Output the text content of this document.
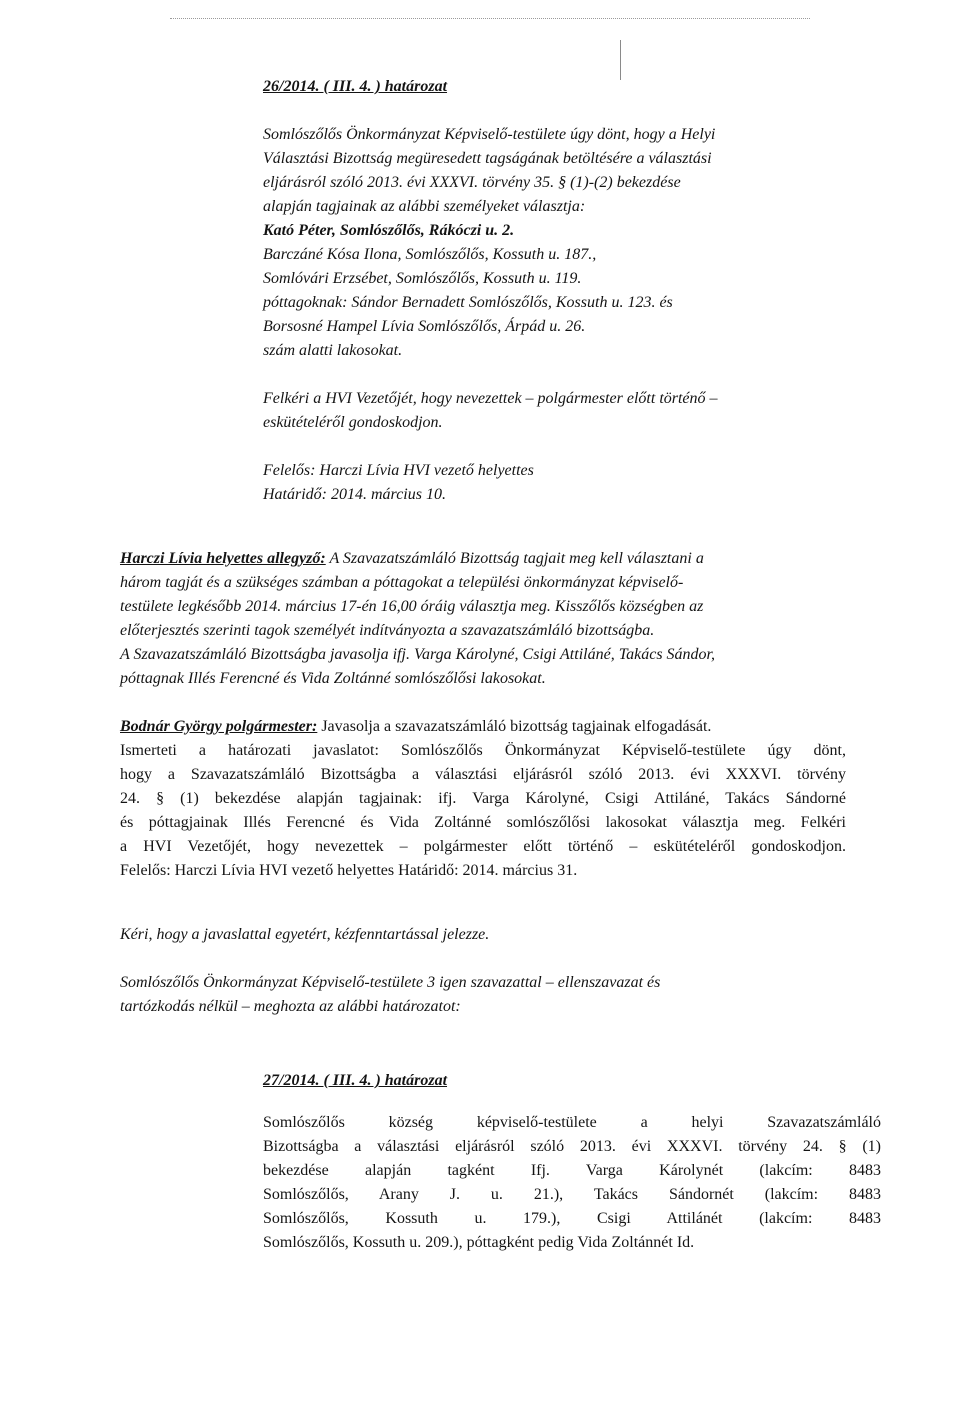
26/2014. ( III. 4. ) határozat
Somlószőlős Önkormányzat Képviselő-testülete úgy dönt, hogy a Helyi
Választási Bizottság megüresedett tagságának betöltésére a választási
eljárásról szóló 2013. évi XXXVI. törvény 35. § (1)-(2) bekezdése
alapján tagjainak az alábbi személyeket választja:
Kató Péter, Somlószőlős, Rákóczi u. 2.
Barczáné Kósa Ilona, Somlószőlős, Kossuth u. 187.,
Somlóvári Erzsébet, Somlószőlős, Kossuth u. 119.
póttagoknak: Sándor Bernadett Somlószőlős, Kossuth u. 123. és
Borsosné Hampel Lívia Somlószőlős, Árpád u. 26.
szám alatti lakosokat.
Felkéri a HVI Vezetőjét, hogy nevezettek – polgármester előtt történő –
eskütételéről gondoskodjon.
Felelős: Harczi Lívia HVI vezető helyettes
Határidő: 2014. március 10.
Harczi Lívia helyettes allegyző: A Szavazatszámláló Bizottság tagjait meg kell választani a
három tagját és a szükséges számban a póttagokat a települési önkormányzat képviselő-
testülete legkésőbb 2014. március 17-én 16,00 óráig választja meg. Kisszőlős községben az
előterjesztés szerinti tagok személyét indítványozta a szavazatszámláló bizottságba.
A Szavazatszámláló Bizottságba javasolja ifj. Varga Károlyné, Csigi Attiláné, Takács Sándor,
póttagnak Illés Ferencné és Vida Zoltánné somlószőlősi lakosokat.
Bodnár György polgármester: Javasolja a szavazatszámláló bizottság tagjainak elfogadását.
Ismerteti a határozati javaslatot: Somlószőlős Önkormányzat Képviselő-testülete úgy dönt,
hogy a Szavazatszámláló Bizottságba a választási eljárásról szóló 2013. évi XXXVI. törvény
24. § (1) bekezdése alapján tagjainak: ifj. Varga Károlyné, Csigi Attiláné, Takács Sándorné
és póttagjainak Illés Ferencné és Vida Zoltánné somlószőlősi lakosokat választja meg. Felkéri
a HVI Vezetőjét, hogy nevezettek – polgármester előtt történő – eskütételéről gondoskodjon.
Felelős: Harczi Lívia HVI vezető helyettes Határidő: 2014. március 31.
Kéri, hogy a javaslattal egyetért, kézfenntartással jelezze.
Somlószőlős Önkormányzat Képviselő-testülete 3 igen szavazattal – ellenszavazat és
tartózkodás nélkül – meghozta az alábbi határozatot:
27/2014. ( III. 4. ) határozat
Somlószőlős község képviselő-testülete a helyi Szavazatszámláló
Bizottságba a választási eljárásról szóló 2013. évi XXXVI. törvény 24. § (1)
bekezdése alapján tagként Ifj. Varga Károlynét (lakcím: 8483
Somlószőlős, Arany J. u. 21.), Takács Sándornét (lakcím: 8483
Somlószőlős, Kossuth u. 179.), Csigi Attilánét (lakcím: 8483
Somlószőlős, Kossuth u. 209.), póttagként pedig Vida Zoltánnét Id.
